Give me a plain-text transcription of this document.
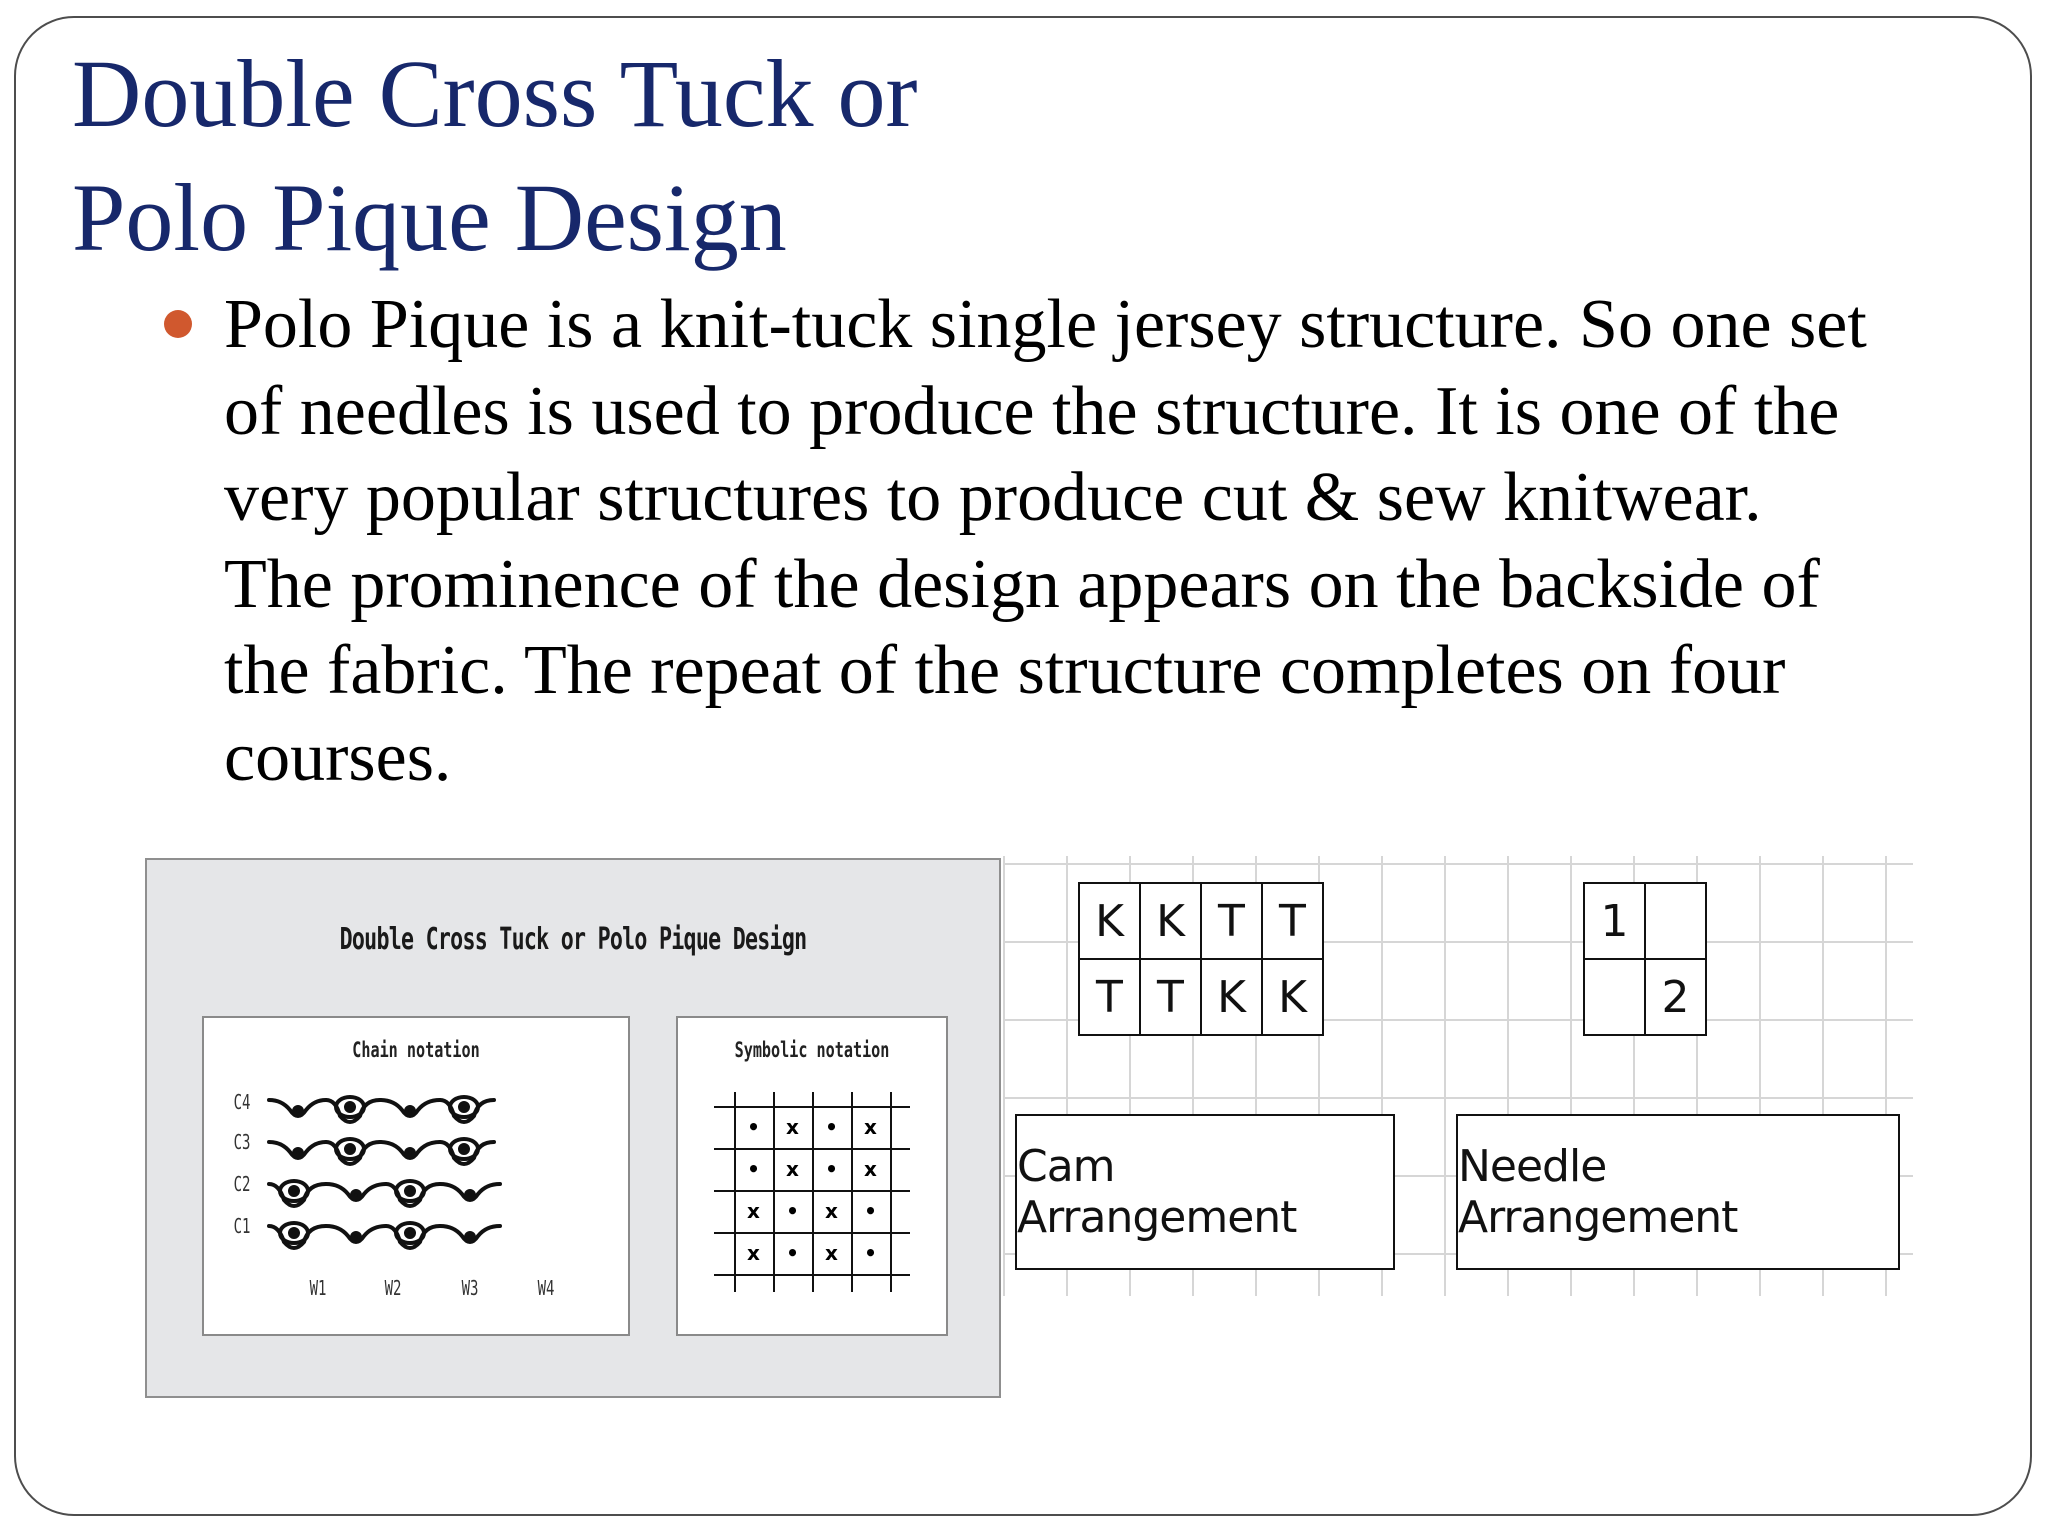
Double Cross Tuck or
Polo Pique Design
Polo Pique is a knit-tuck single jersey structure. So one set of needles is used to produce the structure. It is one of the very popular structures to produce cut & sew knitwear. The prominence of the design appears on the backside of the fabric. The repeat of the structure completes on four courses.
Double Cross Tuck or Polo Pique Design
Chain notation
C4
C3
C2
C1
W1	W2	W3	W4
Symbolic notation
•	x	•	x
•	x	•	x
x	•	x	•
x	•	x	•
K	K	T	T
T	T	K	K
1	
	2
Cam Arrangement
Needle Arrangement
